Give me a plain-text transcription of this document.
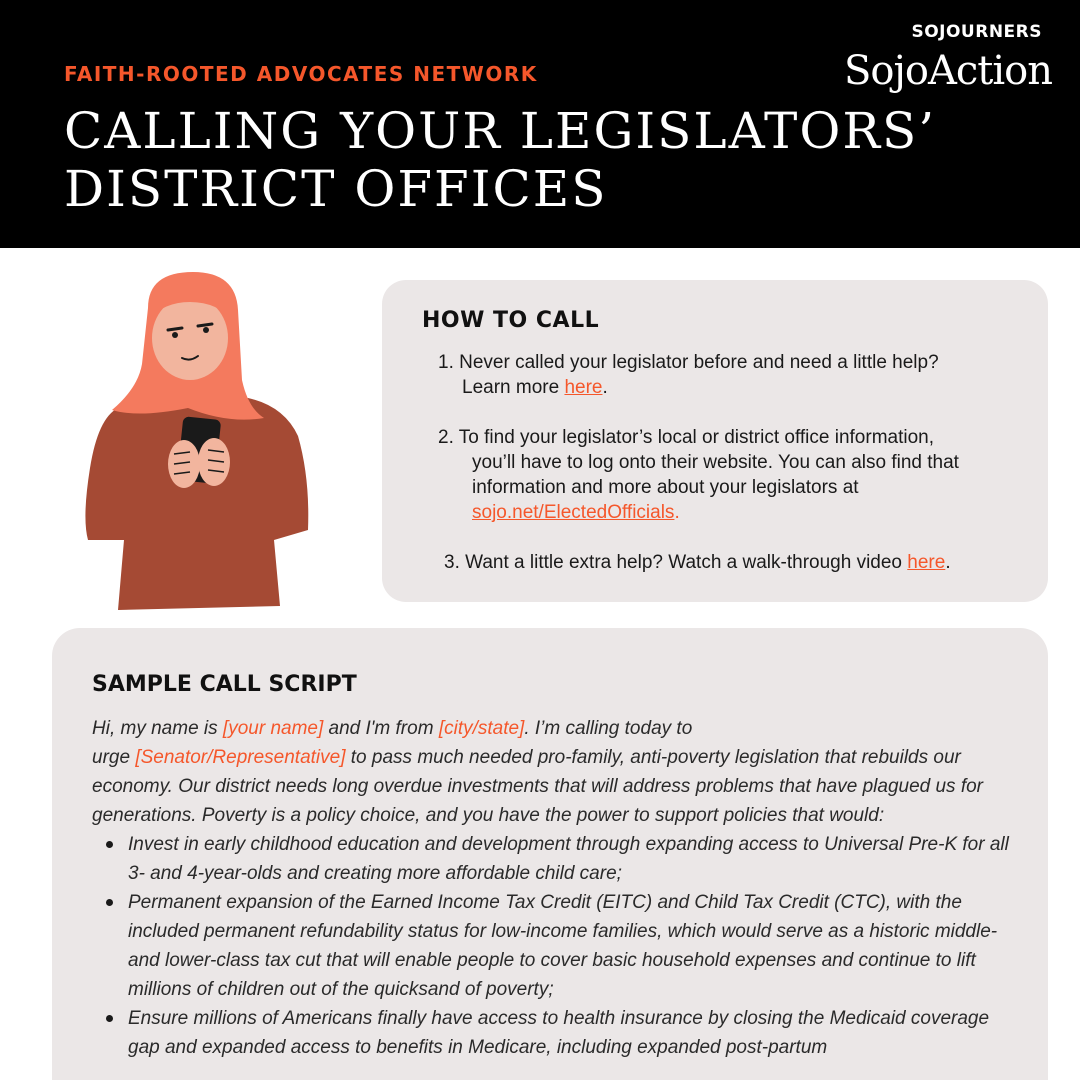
FAITH-ROOTED ADVOCATES NETWORK
CALLING YOUR LEGISLATORS’
DISTRICT OFFICES
SOJOURNERS
SojoAction
HOW TO CALL
1. Never called your legislator before and need a little help?
Learn more here.
2. To find your legislator’s local or district office information,
you’ll have to log onto their website. You can also find that
information and more about your legislators at
sojo.net/ElectedOfficials.
3. Want a little extra help? Watch a walk-through video here.
SAMPLE CALL SCRIPT
Hi, my name is [your name] and I'm from [city/state]. I’m calling today to
urge [Senator/Representative] to pass much needed pro-family, anti-poverty legislation that rebuilds our economy. Our district needs long overdue investments that will address problems that have plagued us for generations. Poverty is a policy choice, and you have the power to support policies that would:
Invest in early childhood education and development through expanding access to Universal Pre-K for all 3- and 4-year-olds and creating more affordable child care;
Permanent expansion of the Earned Income Tax Credit (EITC) and Child Tax Credit (CTC), with the included permanent refundability status for low-income families, which would serve as a historic middle- and lower-class tax cut that will enable people to cover basic household expenses and continue to lift millions of children out of the quicksand of poverty;
Ensure millions of Americans finally have access to health insurance by closing the Medicaid coverage gap and expanded access to benefits in Medicare, including expanded post-partum
